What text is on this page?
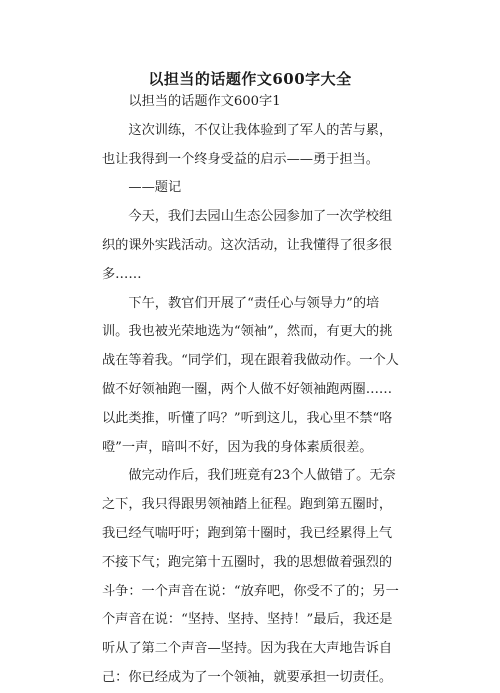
以担当的话题作文600字大全

以担当的话题作文600字1

这次训练，不仅让我体验到了军人的苦与累，也让我得到一个终身受益的启示——勇于担当。

——题记

今天，我们去园山生态公园参加了一次学校组织的课外实践活动。这次活动，让我懂得了很多很多……

下午，教官们开展了“责任心与领导力”的培训。我也被光荣地选为“领袖”，然而，有更大的挑战在等着我。“同学们，现在跟着我做动作。一个人做不好领袖跑一圈，两个人做不好领袖跑两圈……以此类推，听懂了吗？”听到这儿，我心里不禁“咯噔”一声，暗叫不好，因为我的身体素质很差。

做完动作后，我们班竟有23个人做错了。无奈之下，我只得跟男领袖踏上征程。跑到第五圈时，我已经气喘吁吁；跑到第十圈时，我已经累得上气不接下气；跑完第十五圈时，我的思想做着强烈的斗争：一个声音在说：“放弃吧，你受不了的；另一个声音在说：“坚持、坚持、坚持！”最后，我还是听从了第二个声音—坚持。因为我在大声地告诉自己：你已经成为了一个领袖，就要承担一切责任。
